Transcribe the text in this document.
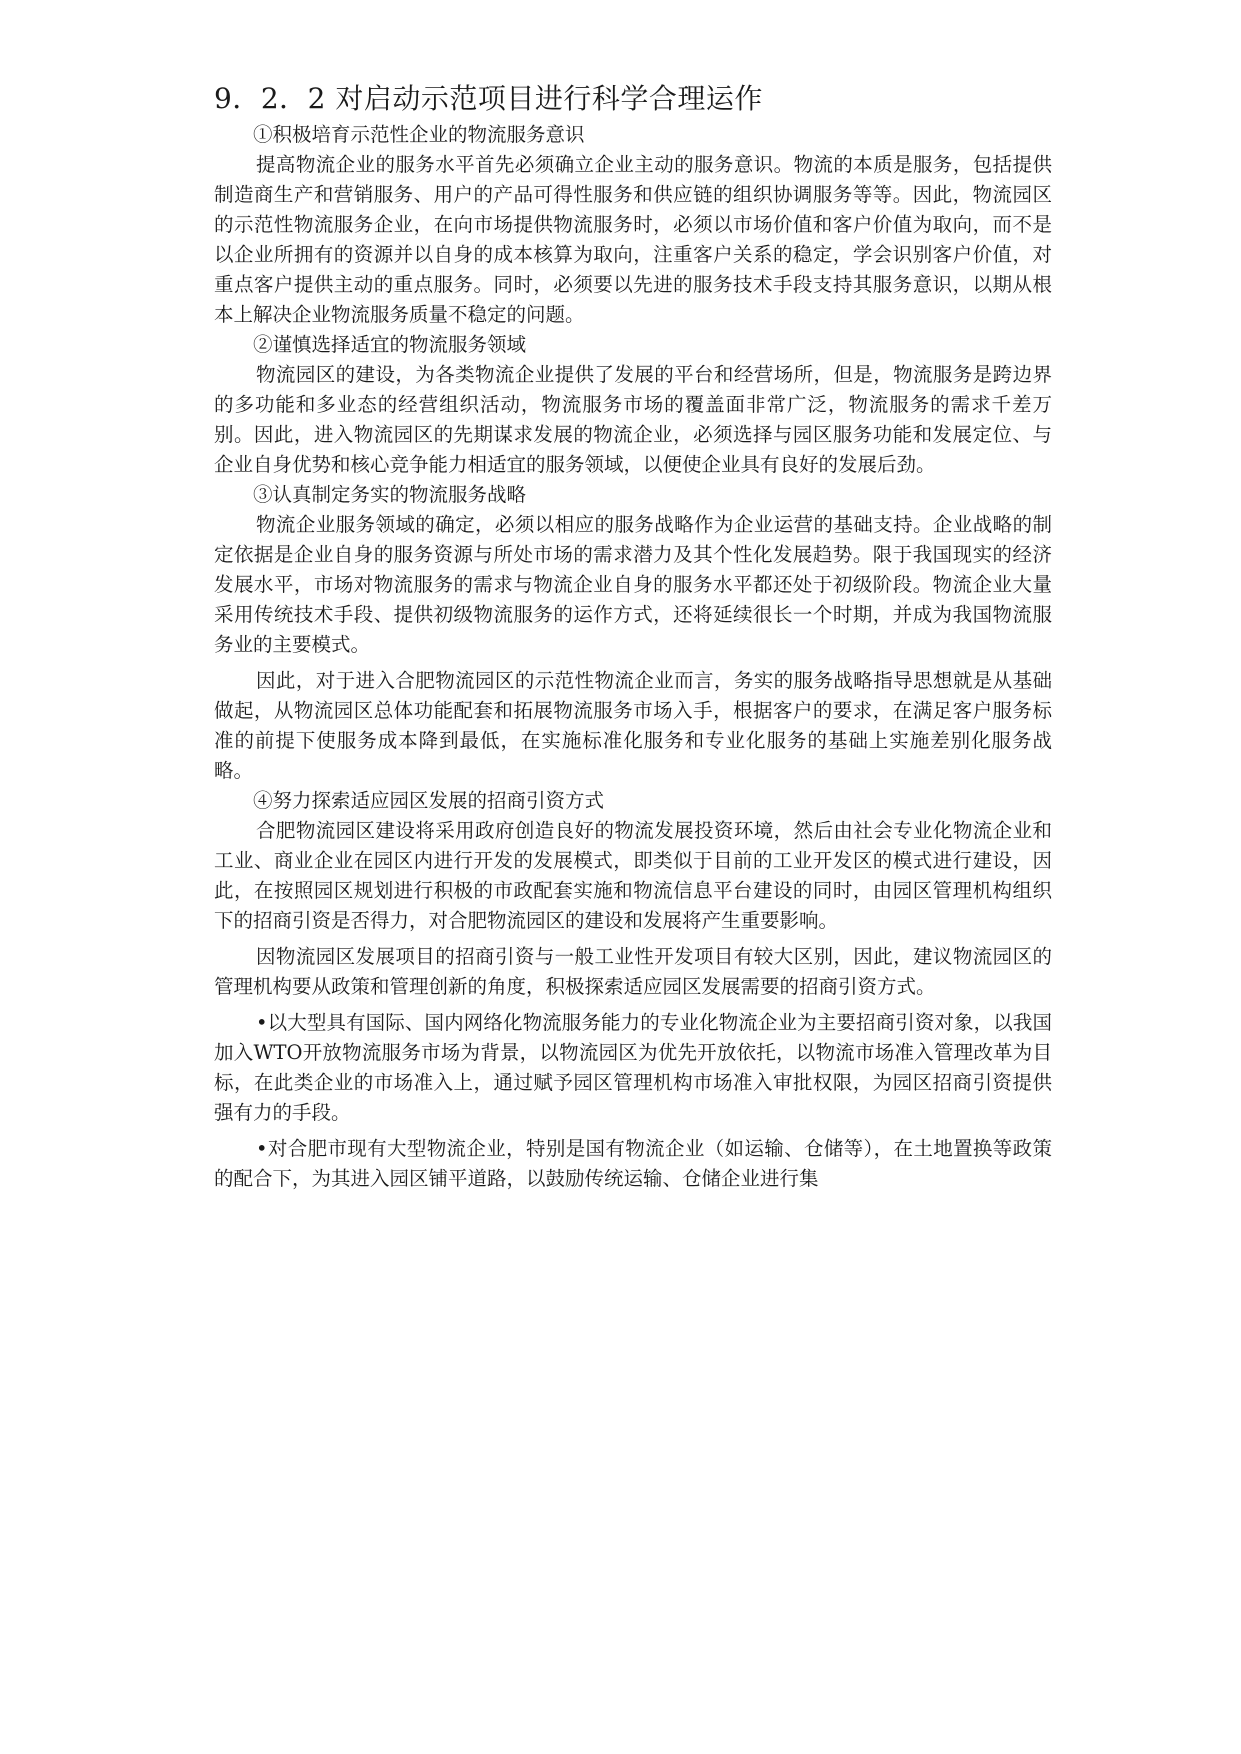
9．2．2 对启动示范项目进行科学合理运作

①积极培育示范性企业的物流服务意识

提高物流企业的服务水平首先必须确立企业主动的服务意识。物流的本质是服务，包括提供制造商生产和营销服务、用户的产品可得性服务和供应链的组织协调服务等等。因此，物流园区的示范性物流服务企业，在向市场提供物流服务时，必须以市场价值和客户价值为取向，而不是以企业所拥有的资源并以自身的成本核算为取向，注重客户关系的稳定，学会识别客户价值，对重点客户提供主动的重点服务。同时，必须要以先进的服务技术手段支持其服务意识，以期从根本上解决企业物流服务质量不稳定的问题。

②谨慎选择适宜的物流服务领域

物流园区的建设，为各类物流企业提供了发展的平台和经营场所，但是，物流服务是跨边界的多功能和多业态的经营组织活动，物流服务市场的覆盖面非常广泛，物流服务的需求千差万别。因此，进入物流园区的先期谋求发展的物流企业，必须选择与园区服务功能和发展定位、与企业自身优势和核心竞争能力相适宜的服务领域，以便使企业具有良好的发展后劲。

③认真制定务实的物流服务战略

物流企业服务领域的确定，必须以相应的服务战略作为企业运营的基础支持。企业战略的制定依据是企业自身的服务资源与所处市场的需求潜力及其个性化发展趋势。限于我国现实的经济发展水平，市场对物流服务的需求与物流企业自身的服务水平都还处于初级阶段。物流企业大量采用传统技术手段、提供初级物流服务的运作方式，还将延续很长一个时期，并成为我国物流服务业的主要模式。

因此，对于进入合肥物流园区的示范性物流企业而言，务实的服务战略指导思想就是从基础做起，从物流园区总体功能配套和拓展物流服务市场入手，根据客户的要求，在满足客户服务标准的前提下使服务成本降到最低，在实施标准化服务和专业化服务的基础上实施差别化服务战略。

④努力探索适应园区发展的招商引资方式

合肥物流园区建设将采用政府创造良好的物流发展投资环境，然后由社会专业化物流企业和工业、商业企业在园区内进行开发的发展模式，即类似于目前的工业开发区的模式进行建设，因此，在按照园区规划进行积极的市政配套实施和物流信息平台建设的同时，由园区管理机构组织下的招商引资是否得力，对合肥物流园区的建设和发展将产生重要影响。

因物流园区发展项目的招商引资与一般工业性开发项目有较大区别，因此，建议物流园区的管理机构要从政策和管理创新的角度，积极探索适应园区发展需要的招商引资方式。

•以大型具有国际、国内网络化物流服务能力的专业化物流企业为主要招商引资对象，以我国加入WTO开放物流服务市场为背景，以物流园区为优先开放依托，以物流市场准入管理改革为目标，在此类企业的市场准入上，通过赋予园区管理机构市场准入审批权限，为园区招商引资提供强有力的手段。

•对合肥市现有大型物流企业，特别是国有物流企业（如运输、仓储等），在土地置换等政策的配合下，为其进入园区铺平道路，以鼓励传统运输、仓储企业进行集
